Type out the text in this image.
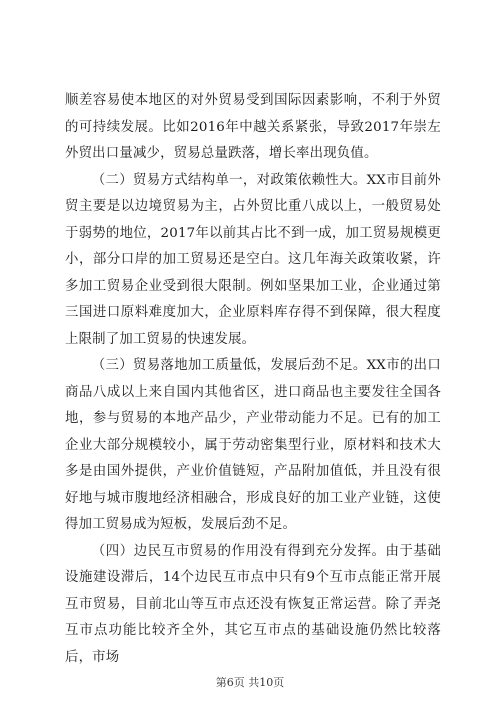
顺差容易使本地区的对外贸易受到国际因素影响，不利于外贸的可持续发展。比如2016年中越关系紧张，导致2017年崇左外贸出口量减少，贸易总量跌落，增长率出现负值。

（二）贸易方式结构单一，对政策依赖性大。XX市目前外贸主要是以边境贸易为主，占外贸比重八成以上，一般贸易处于弱势的地位，2017年以前其占比不到一成，加工贸易规模更小，部分口岸的加工贸易还是空白。这几年海关政策收紧，许多加工贸易企业受到很大限制。例如坚果加工业，企业通过第三国进口原料难度加大，企业原料库存得不到保障，很大程度上限制了加工贸易的快速发展。

（三）贸易落地加工质量低，发展后劲不足。XX市的出口商品八成以上来自国内其他省区，进口商品也主要发往全国各地，参与贸易的本地产品少，产业带动能力不足。已有的加工企业大部分规模较小，属于劳动密集型行业，原材料和技术大多是由国外提供，产业价值链短，产品附加值低，并且没有很好地与城市腹地经济相融合，形成良好的加工业产业链，这使得加工贸易成为短板，发展后劲不足。

（四）边民互市贸易的作用没有得到充分发挥。由于基础设施建设滞后，14个边民互市点中只有9个互市点能正常开展互市贸易，目前北山等互市点还没有恢复正常运营。除了弄尧互市点功能比较齐全外，其它互市点的基础设施仍然比较落后，市场

第6页 共10页
